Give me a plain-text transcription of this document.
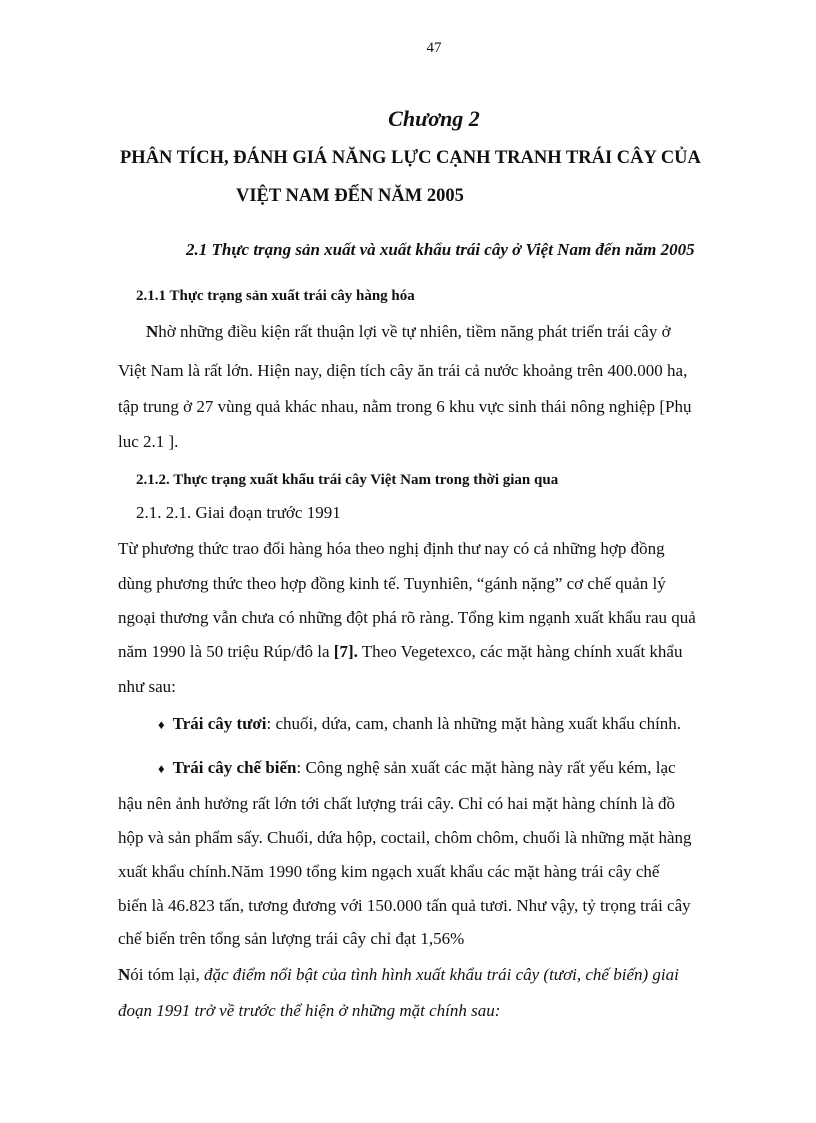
47
Chương 2
PHÂN TÍCH, ĐÁNH GIÁ NĂNG LỰC CẠNH TRANH TRÁI CÂY CỦA
VIỆT NAM ĐẾN NĂM 2005
2.1 Thực trạng sản xuất và xuất khẩu trái cây ở Việt Nam đến năm 2005
2.1.1 Thực trạng sản xuất trái cây hàng hóa
Nhờ những điều kiện rất thuận lợi về tự nhiên, tiềm năng phát triển trái cây ở
Việt Nam là rất lớn. Hiện nay, diện tích cây ăn trái cả nước khoảng trên 400.000 ha,
tập trung ở 27 vùng quả khác nhau, nằm trong 6 khu vực sinh thái nông nghiệp [Phụ
luc 2.1 ].
2.1.2. Thực trạng xuất khẩu trái cây Việt Nam trong thời gian qua
2.1. 2.1. Giai đoạn trước 1991
Từ phương thức trao đổi hàng hóa theo nghị định thư nay có cả những hợp đồng
dùng phương thức theo hợp đồng kinh tế. Tuynhiên, “gánh nặng” cơ chế quản lý
ngoại thương vẫn chưa có những đột phá rõ ràng. Tổng kim ngạnh xuất khẩu rau quả
năm 1990 là 50 triệu Rúp/đô la [7]. Theo Vegetexco, các mặt hàng chính xuất khẩu
như sau:
♦ Trái cây tươi: chuối, dứa, cam, chanh là những mặt hàng xuất khẩu chính.
♦ Trái cây chế biến: Công nghệ sản xuất các mặt hàng này rất yếu kém, lạc
hậu nên ảnh hưởng rất lớn tới chất lượng trái cây. Chỉ có hai mặt hàng chính là đồ
hộp và sản phẩm sấy. Chuối, dứa hộp, coctail, chôm chôm, chuối là những mặt hàng
xuất khẩu chính.Năm 1990 tổng kim ngạch xuất khẩu các mặt hàng trái cây chế
biến là 46.823 tấn, tương đương với 150.000 tấn quả tươi. Như vậy, tỷ trọng trái cây
chế biến trên tổng sản lượng trái cây chỉ đạt 1,56%
Nói tóm lại, đặc điểm nổi bật của tình hình xuất khẩu trái cây (tươi, chế biến) giai
đoạn 1991 trở về trước thể hiện ở những mặt chính sau:
